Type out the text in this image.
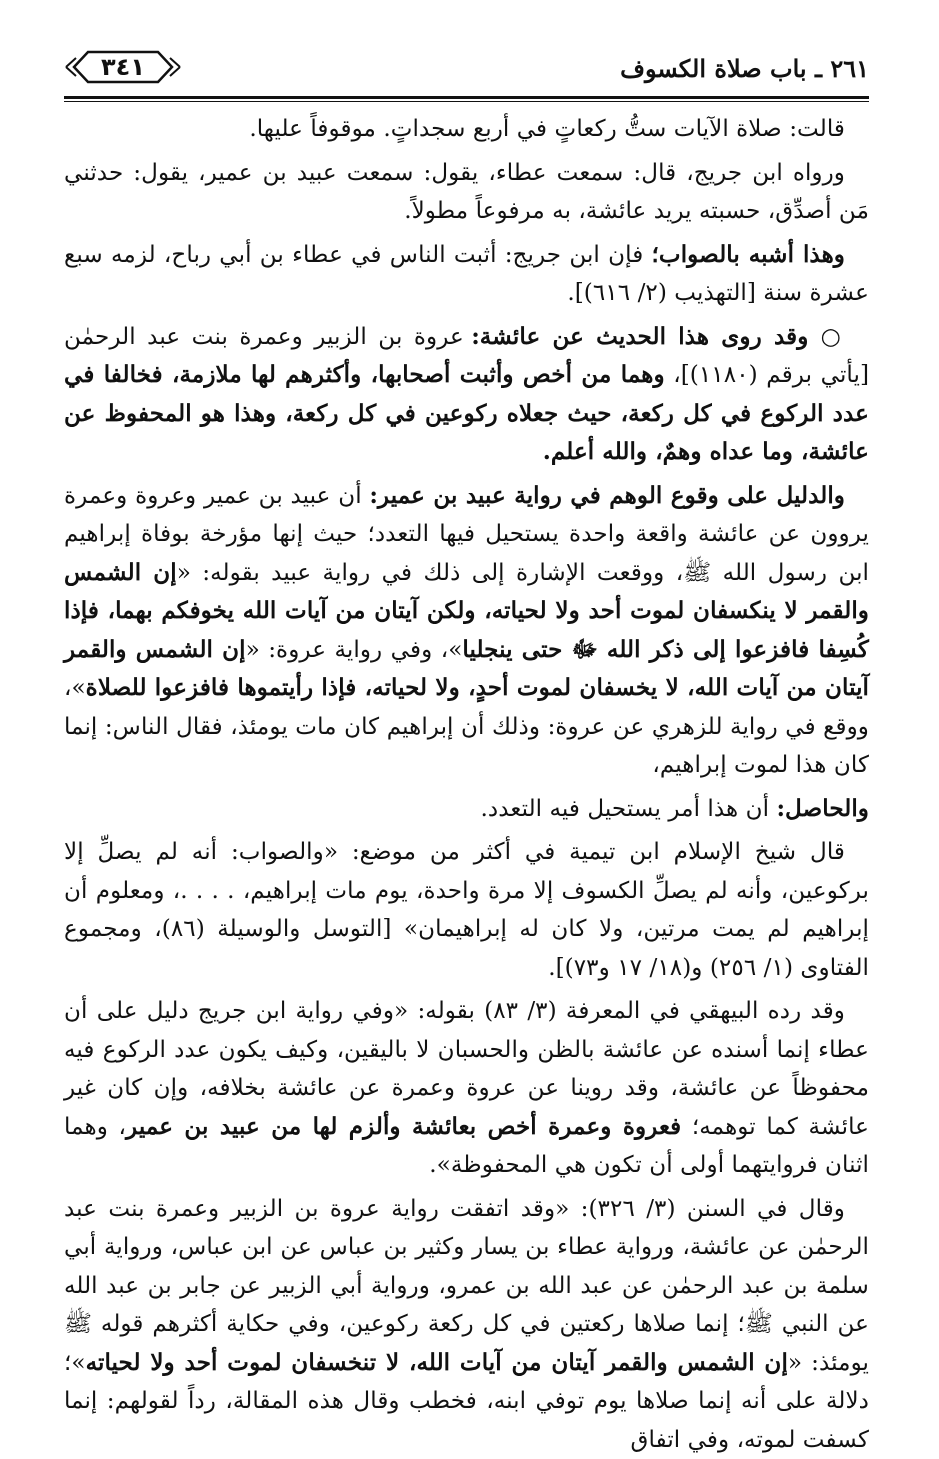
٢٦١ ـ باب صلاة الكسوف
٣٤١

قالت: صلاة الآيات ستُّ ركعاتٍ في أربع سجداتٍ. موقوفاً عليها.

ورواه ابن جريج، قال: سمعت عطاء، يقول: سمعت عبيد بن عمير، يقول: حدثني مَن أصدِّق، حسبته يريد عائشة، به مرفوعاً مطولاً.

وهذا أشبه بالصواب؛ فإن ابن جريج: أثبت الناس في عطاء بن أبي رباح، لزمه سبع عشرة سنة [التهذيب (٢/ ٦١٦)].

○ وقد روى هذا الحديث عن عائشة: عروة بن الزبير وعمرة بنت عبد الرحمٰن [يأتي برقم (١١٨٠)]، وهما من أخص وأثبت أصحابها، وأكثرهم لها ملازمة، فخالفا في عدد الركوع في كل ركعة، حيث جعلاه ركوعين في كل ركعة، وهذا هو المحفوظ عن عائشة، وما عداه وهمٌ، والله أعلم.

والدليل على وقوع الوهم في رواية عبيد بن عمير: أن عبيد بن عمير وعروة وعمرة يروون عن عائشة واقعة واحدة يستحيل فيها التعدد؛ حيث إنها مؤرخة بوفاة إبراهيم ابن رسول الله ﷺ، ووقعت الإشارة إلى ذلك في رواية عبيد بقوله: «إن الشمس والقمر لا ينكسفان لموت أحد ولا لحياته، ولكن آيتان من آيات الله يخوفكم بهما، فإذا كُسِفا فافزعوا إلى ذكر الله ﷻ حتى ينجليا»، وفي رواية عروة: «إن الشمس والقمر آيتان من آيات الله، لا يخسفان لموت أحدٍ، ولا لحياته، فإذا رأيتموها فافزعوا للصلاة»، ووقع في رواية للزهري عن عروة: وذلك أن إبراهيم كان مات يومئذ، فقال الناس: إنما كان هذا لموت إبراهيم،

والحاصل: أن هذا أمر يستحيل فيه التعدد.

قال شيخ الإسلام ابن تيمية في أكثر من موضع: «والصواب: أنه لم يصلِّ إلا بركوعين، وأنه لم يصلِّ الكسوف إلا مرة واحدة، يوم مات إبراهيم، . . . .، ومعلوم أن إبراهيم لم يمت مرتين، ولا كان له إبراهيمان» [التوسل والوسيلة (٨٦)، ومجموع الفتاوى (١/ ٢٥٦) و(١٨/ ١٧ و٧٣)].

وقد رده البيهقي في المعرفة (٣/ ٨٣) بقوله: «وفي رواية ابن جريج دليل على أن عطاء إنما أسنده عن عائشة بالظن والحسبان لا باليقين، وكيف يكون عدد الركوع فيه محفوظاً عن عائشة، وقد روينا عن عروة وعمرة عن عائشة بخلافه، وإن كان غير عائشة كما توهمه؛ فعروة وعمرة أخص بعائشة وألزم لها من عبيد بن عمير، وهما اثنان فروايتهما أولى أن تكون هي المحفوظة».

وقال في السنن (٣/ ٣٢٦): «وقد اتفقت رواية عروة بن الزبير وعمرة بنت عبد الرحمٰن عن عائشة، ورواية عطاء بن يسار وكثير بن عباس عن ابن عباس، ورواية أبي سلمة بن عبد الرحمٰن عن عبد الله بن عمرو، ورواية أبي الزبير عن جابر بن عبد الله عن النبي ﷺ؛ إنما صلاها ركعتين في كل ركعة ركوعين، وفي حكاية أكثرهم قوله ﷺ يومئذ: «إن الشمس والقمر آيتان من آيات الله، لا تنخسفان لموت أحد ولا لحياته»؛ دلالة على أنه إنما صلاها يوم توفي ابنه، فخطب وقال هذه المقالة، رداً لقولهم: إنما كسفت لموته، وفي اتفاق
